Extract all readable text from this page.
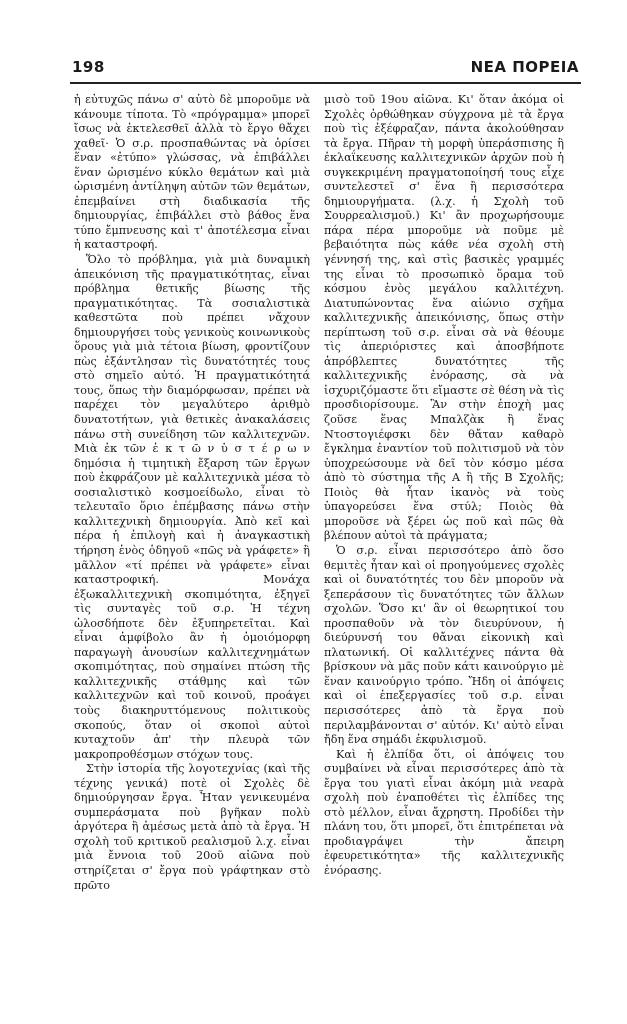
198	ΝΕΑ ΠΟΡΕΙΑ

ἡ εὐτυχῶς πάνω σ' αὐτὸ δὲ μποροῦμε νὰ κάνουμε τίποτα. Τὸ «πρόγραμμα» μπορεῖ ἴσως νὰ ἐκτελεσθεῖ ἀλλὰ τὸ ἔργο θἄχει χαθεῖ· Ὁ σ.ρ. προσπαθώντας νὰ ὁρίσει ἕναν «ἐτύπο» γλώσσας, νὰ ἐπιβάλλει ἕναν ὡρισμένο κύκλο θεμάτων καὶ μιὰ ὡρισμένη ἀντίληψη αὐτῶν τῶν θεμάτων, ἐπεμβαίνει στὴ διαδικασία τῆς δημιουργίας, ἐπιβάλλει στὸ βάθος ἕνα τύπο ἔμπνευσης καὶ τ' ἀποτέλεσμα εἶναι ἡ καταστροφή.

Ὅλο τὸ πρόβλημα, γιὰ μιὰ δυναμικὴ ἀπεικόνιση τῆς πραγματικότητας, εἶναι πρόβλημα θετικῆς βίωσης τῆς πραγματικότητας. Τὰ σοσιαλιστικὰ καθεστῶτα ποὺ πρέπει νἄχουν δημιουργήσει τοὺς γενικοὺς κοινωνικοὺς ὅρους γιὰ μιὰ τέτοια βίωση, φροντίζουν πὼς ἐξάντλησαν τὶς δυνατότητές τους στὸ σημεῖο αὐτό. Ἡ πραγματικότητά τους, ὅπως τὴν διαμόρφωσαν, πρέπει νὰ παρέχει τὸν μεγαλύτερο ἀριθμὸ δυνατοτήτων, γιὰ θετικὲς ἀνακαλάσεις πάνω στὴ συνείδηση τῶν καλλιτεχνῶν. Μιὰ ἐκ τῶν ἐ κ τ ῶ ν ὑ σ τ έ ρ ω ν δημόσια ἡ τιμητικὴ ἔξαρση τῶν ἔργων ποὺ ἐκφράζουν μὲ καλλιτεχνικὰ μέσα τὸ σοσιαλιστικὸ κοσμοείδωλο, εἶναι τὸ τελευταῖο ὅριο ἐπέμβασης πάνω στὴν καλλιτεχνικὴ δημιουργία. Ἀπὸ κεῖ καὶ πέρα ἡ ἐπιλογὴ καὶ ἡ ἀναγκαστικὴ τήρηση ἑνὸς ὁδηγοῦ «πῶς νὰ γράφετε» ἢ μᾶλλον «τί πρέπει νὰ γράφετε» εἶναι καταστροφική. Μονάχα ἐξωκαλλιτεχνικὴ σκοπιμότητα, ἐξηγεῖ τὶς συνταγὲς τοῦ σ.ρ. Ἡ τέχνη ὡλοσδήποτε δὲν ἐξυπηρετεῖται. Καὶ εἶναι ἀμφίβολο ἂν ἡ ὁμοιόμορφη παραγωγὴ ἀνουσίων καλλιτεχνημάτων σκοπιμότητας, ποὺ σημαίνει πτώση τῆς καλλιτεχνικῆς στάθμης καὶ τῶν καλλιτεχνῶν καὶ τοῦ κοινοῦ, προάγει τοὺς διακηρυττόμενους πολιτικοὺς σκοπούς, ὅταν οἱ σκοποὶ αὐτοὶ κυταχτοῦν ἀπ' τὴν πλευρὰ τῶν μακροπροθέσμων στόχων τους.

Στὴν ἱστορία τῆς λογοτεχνίας (καὶ τῆς τέχνης γενικά) ποτὲ οἱ Σχολὲς δὲ δημιούργησαν ἔργα. Ἦταν γενικευμένα συμπεράσματα ποὺ βγῆκαν πολὺ ἀργότερα ἢ ἀμέσως μετὰ ἀπὸ τὰ ἔργα. Ἡ σχολὴ τοῦ κριτικοῦ ρεαλισμοῦ λ.χ. εἶναι μιὰ ἔννοια τοῦ 20οῦ αἰῶνα ποὺ στηρίζεται σ' ἔργα ποὺ γράφτηκαν στὸ πρῶτο

μισὸ τοῦ 19ου αἰῶνα. Κι' ὅταν ἀκόμα οἱ Σχολὲς ὀρθώθηκαν σύγχρονα μὲ τὰ ἔργα ποὺ τὶς ἐξέφραζαν, πάντα ἀκολούθησαν τὰ ἔργα. Πῆραν τὴ μορφὴ ὑπεράσπισης ἢ ἐκλαΐκευσης καλλιτεχνικῶν ἀρχῶν ποὺ ἡ συγκεκριμένη πραγματοποίησή τους εἶχε συντελεστεῖ σ' ἕνα ἢ περισσότερα δημιουργήματα. (λ.χ. ἡ Σχολὴ τοῦ Σουρρεαλισμοῦ.) Κι' ἂν προχωρήσουμε πάρα πέρα μποροῦμε νὰ ποῦμε μὲ βεβαιότητα πὼς κάθε νέα σχολὴ στὴ γέννησή της, καὶ στὶς βασικὲς γραμμές της εἶναι τὸ προσωπικὸ ὅραμα τοῦ κόσμου ἑνὸς μεγάλου καλλιτέχνη. Διατυπώνοντας ἕνα αἰώνιο σχῆμα καλλιτεχνικῆς ἀπεικόνισης, ὅπως στὴν περίπτωση τοῦ σ.ρ. εἶναι σὰ νὰ θέουμε τὶς ἀπεριόριστες καὶ ἀποσβήποτε ἀπρόβλεπτες δυνατότητες τῆς καλλιτεχνικῆς ἐνόρασης, σὰ νὰ ἰσχυριζόμαστε ὅτι εἴμαστε σὲ θέση νὰ τὶς προσδιορίσουμε. Ἂν στὴν ἐποχὴ μας ζοῦσε ἕνας Μπαλζὰκ ἢ ἕνας Ντοστογιέφσκι δὲν θἄταν καθαρὸ ἔγκλημα ἐναντίον τοῦ πολιτισμοῦ νὰ τὸν ὑποχρεώσουμε νὰ δεῖ τὸν κόσμο μέσα ἀπὸ τὸ σύστημα τῆς Α ἢ τῆς Β Σχολῆς; Ποιὸς θὰ ἦταν ἱκανὸς νὰ τοὺς ὑπαγορεύσει ἕνα στύλ; Ποιὸς θὰ μποροῦσε νὰ ξέρει ὡς ποῦ καὶ πῶς θὰ βλέπουν αὐτοὶ τὰ πράγματα;

Ὁ σ.ρ. εἶναι περισσότερο ἀπὸ ὅσο θεμιτὲς ἦταν καὶ οἱ προηγούμενες σχολὲς καὶ οἱ δυνατότητές του δὲν μποροῦν νὰ ξεπεράσουν τὶς δυνατότητες τῶν ἄλλων σχολῶν. Ὅσο κι' ἂν οἱ θεωρητικοί του προσπαθοῦν νὰ τὸν διευρύνουν, ἡ διεύρυνσή του θἄναι εἰκονικὴ καὶ πλατωνική. Οἱ καλλιτέχνες πάντα θὰ βρίσκουν νὰ μᾶς ποῦν κάτι καινούργιο μὲ ἕναν καινούργιο τρόπο. Ἤδη οἱ ἀπόψεις καὶ οἱ ἐπεξεργασίες τοῦ σ.ρ. εἶναι περισσότερες ἀπὸ τὰ ἔργα ποὺ περιλαμβάνονται σ' αὐτόν. Κι' αὐτὸ εἶναι ἤδη ἕνα σημάδι ἐκφυλισμοῦ.

Καὶ ἡ ἐλπίδα ὅτι, οἱ ἀπόψεις του συμβαίνει νὰ εἶναι περισσότερες ἀπὸ τὰ ἔργα του γιατὶ εἶναι ἀκόμη μιὰ νεαρὰ σχολὴ ποὺ ἐναποθέτει τὶς ἐλπίδες της στὸ μέλλον, εἶναι ἄχρηστη. Προδίδει τὴν πλάνη του, ὅτι μπορεῖ, ὅτι ἐπιτρέπεται νὰ προδιαγράψει τὴν ἄπειρη ἐφευρετικότητα» τῆς καλλιτεχνικῆς ἐνόρασης.
